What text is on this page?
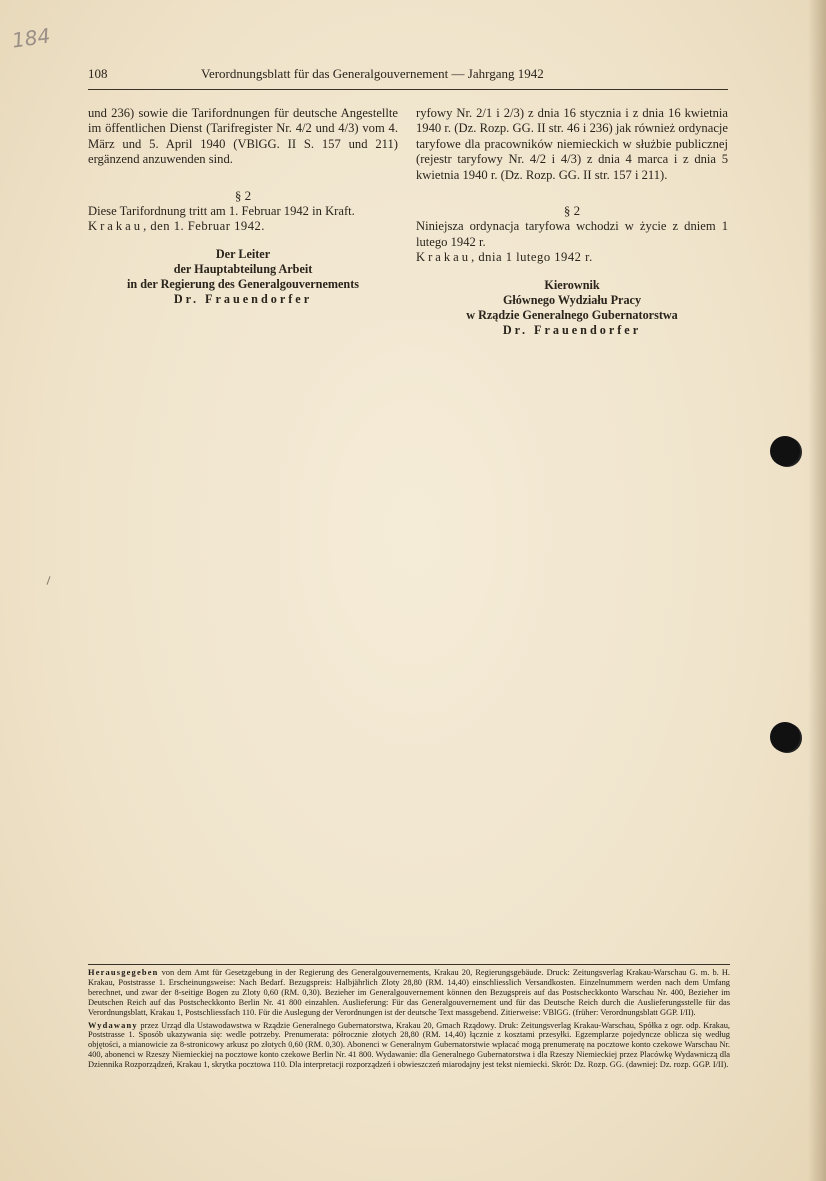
184
108	Verordnungsblatt für das Generalgouvernement — Jahrgang 1942

und 236) sowie die Tarifordnungen für deutsche Angestellte im öffentlichen Dienst (Tarifregister Nr. 4/2 und 4/3) vom 4. März und 5. April 1940 (VBlGG. II S. 157 und 211) ergänzend anzuwenden sind.

§ 2

Diese Tarifordnung tritt am 1. Februar 1942 in Kraft.

Krakau, den 1. Februar 1942.

Der Leiter
der Hauptabteilung Arbeit
in der Regierung des Generalgouvernements
Dr. Frauendorfer

ryfowy Nr. 2/1 i 2/3) z dnia 16 stycznia i z dnia 16 kwietnia 1940 r. (Dz. Rozp. GG. II str. 46 i 236) jak również ordynacje taryfowe dla pracowników niemieckich w służbie publicznej (rejestr taryfowy Nr. 4/2 i 4/3) z dnia 4 marca i z dnia 5 kwietnia 1940 r. (Dz. Rozp. GG. II str. 157 i 211).

§ 2

Niniejsza ordynacja taryfowa wchodzi w życie z dniem 1 lutego 1942 r.

Krakau, dnia 1 lutego 1942 r.

Kierownik
Głównego Wydziału Pracy
w Rządzie Generalnego Gubernatorstwa
Dr. Frauendorfer

Herausgegeben von dem Amt für Gesetzgebung in der Regierung des Generalgouvernements, Krakau 20, Regierungsgebäude. Druck: Zeitungsverlag Krakau-Warschau G. m. b. H. Krakau, Poststrasse 1. Erscheinungsweise: Nach Bedarf. Bezugspreis: Halbjährlich Zloty 28,80 (RM. 14,40) einschliesslich Versandkosten. Einzelnummern werden nach dem Umfang berechnet, und zwar der 8-seitige Bogen zu Zloty 0,60 (RM. 0,30). Bezieher im Generalgouvernement können den Bezugspreis auf das Postscheckkonto Warschau Nr. 400, Bezieher im Deutschen Reich auf das Postscheckkonto Berlin Nr. 41 800 einzahlen. Auslieferung: Für das Generalgouvernement und für das Deutsche Reich durch die Auslieferungsstelle für das Verordnungsblatt, Krakau 1, Postschliessfach 110. Für die Auslegung der Verordnungen ist der deutsche Text massgebend. Zitierweise: VBlGG. (früher: Verordnungsblatt GGP. I/II).

Wydawany przez Urząd dla Ustawodawstwa w Rządzie Generalnego Gubernatorstwa, Krakau 20, Gmach Rządowy. Druk: Zeitungsverlag Krakau-Warschau, Spółka z ogr. odp. Krakau, Poststrasse 1. Sposób ukazywania się: wedle potrzeby. Prenumerata: półrocznie złotych 28,80 (RM. 14,40) łącznie z kosztami przesyłki. Egzemplarze pojedyncze oblicza się według objętości, a mianowicie za 8-stronicowy arkusz po złotych 0,60 (RM. 0,30). Abonenci w Generalnym Gubernatorstwie wpłacać mogą prenumeratę na pocztowe konto czekowe Warschau Nr. 400, abonenci w Rzeszy Niemieckiej na pocztowe konto czekowe Berlin Nr. 41 800. Wydawanie: dla Generalnego Gubernatorstwa i dla Rzeszy Niemieckiej przez Placówkę Wydawniczą dla Dziennika Rozporządzeń, Krakau 1, skrytka pocztowa 110. Dla interpretacji rozporządzeń i obwieszczeń miarodajny jest tekst niemiecki. Skrót: Dz. Rozp. GG. (dawniej: Dz. rozp. GGP. I/II).
